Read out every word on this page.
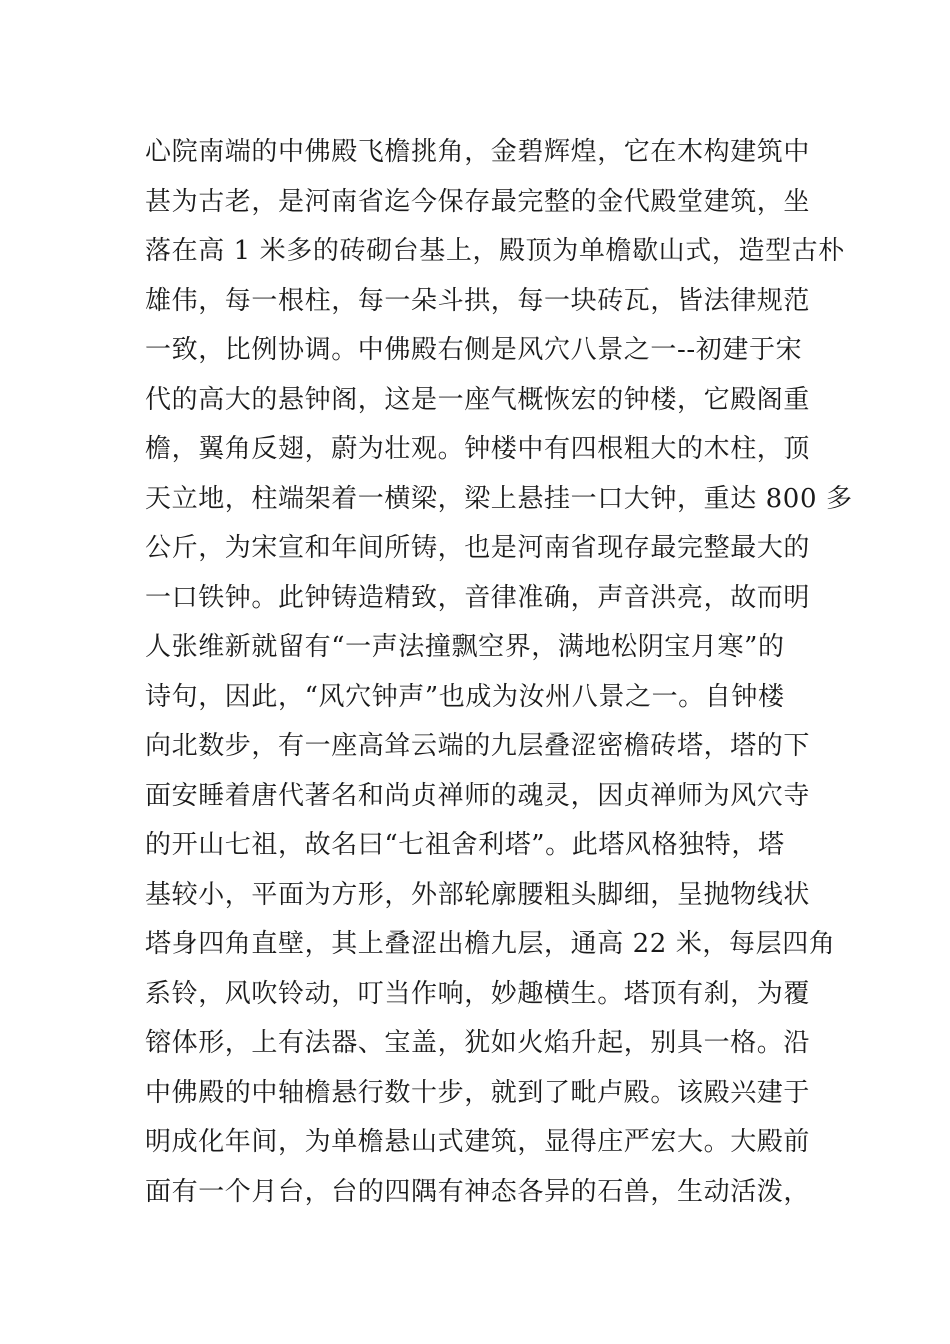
心院南端的中佛殿飞檐挑角，金碧辉煌，它在木构建筑中
甚为古老，是河南省迄今保存最完整的金代殿堂建筑，坐
落在高 1 米多的砖砌台基上，殿顶为单檐歇山式，造型古朴
雄伟，每一根柱，每一朵斗拱，每一块砖瓦，皆法律规范
一致，比例协调。中佛殿右侧是风穴八景之一--初建于宋
代的高大的悬钟阁，这是一座气概恢宏的钟楼，它殿阁重
檐，翼角反翅，蔚为壮观。钟楼中有四根粗大的木柱，顶
天立地，柱端架着一横梁，梁上悬挂一口大钟，重达 800 多
公斤，为宋宣和年间所铸，也是河南省现存最完整最大的
一口铁钟。此钟铸造精致，音律准确，声音洪亮，故而明
人张维新就留有“一声法撞飘空界，满地松阴宝月寒”的
诗句，因此，“风穴钟声”也成为汝州八景之一。自钟楼
向北数步，有一座高耸云端的九层叠涩密檐砖塔，塔的下
面安睡着唐代著名和尚贞禅师的魂灵，因贞禅师为风穴寺
的开山七祖，故名曰“七祖舍利塔”。此塔风格独特，塔
基较小，平面为方形，外部轮廓腰粗头脚细，呈抛物线状
塔身四角直壁，其上叠涩出檐九层，通高 22 米，每层四角
系铃，风吹铃动，叮当作响，妙趣横生。塔顶有刹，为覆
镕体形，上有法器、宝盖，犹如火焰升起，别具一格。沿
中佛殿的中轴檐悬行数十步，就到了毗卢殿。该殿兴建于
明成化年间，为单檐悬山式建筑，显得庄严宏大。大殿前
面有一个月台，台的四隅有神态各异的石兽，生动活泼，
